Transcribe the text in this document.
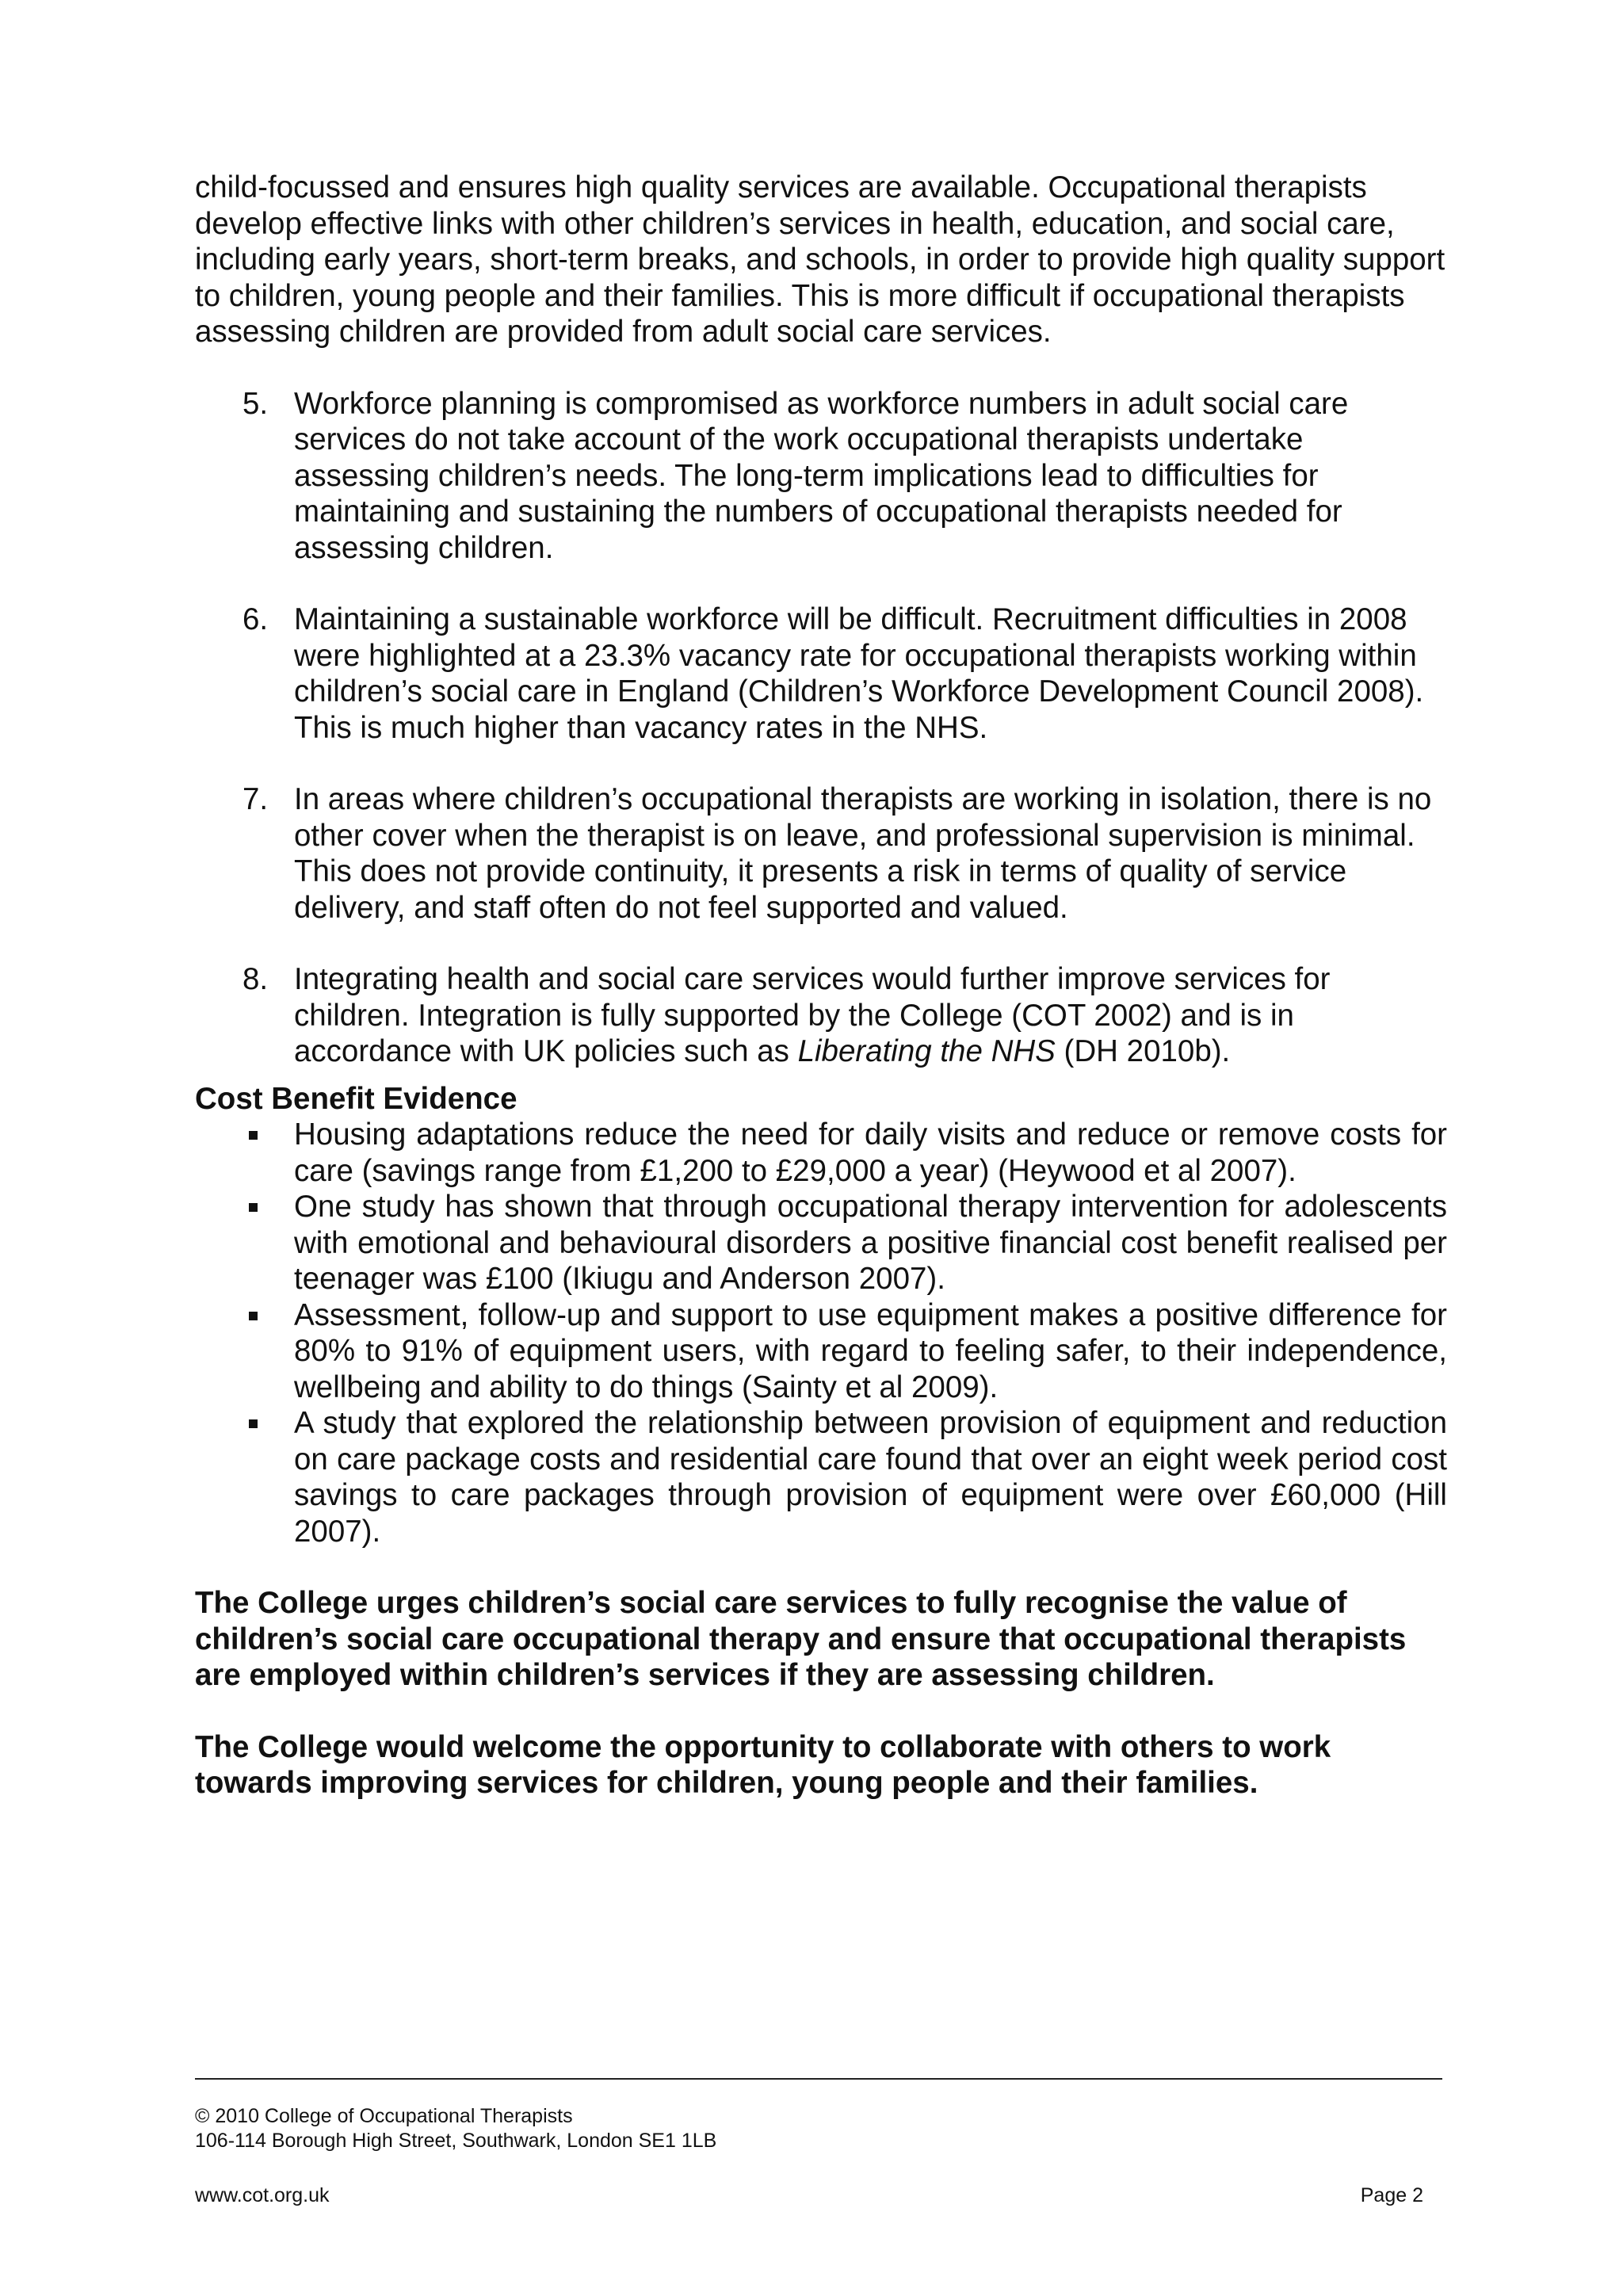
child-focussed and ensures high quality services are available. Occupational therapists develop effective links with other children’s services in health, education, and social care, including early years, short-term breaks, and schools, in order to provide high quality support to children, young people and their families. This is more difficult if occupational therapists assessing children are provided from adult social care services.

5. Workforce planning is compromised as workforce numbers in adult social care services do not take account of the work occupational therapists undertake assessing children’s needs. The long-term implications lead to difficulties for maintaining and sustaining the numbers of occupational therapists needed for assessing children.
6. Maintaining a sustainable workforce will be difficult. Recruitment difficulties in 2008 were highlighted at a 23.3% vacancy rate for occupational therapists working within children’s social care in England (Children’s Workforce Development Council 2008). This is much higher than vacancy rates in the NHS.
7. In areas where children’s occupational therapists are working in isolation, there is no other cover when the therapist is on leave, and professional supervision is minimal. This does not provide continuity, it presents a risk in terms of quality of service delivery, and staff often do not feel supported and valued.
8. Integrating health and social care services would further improve services for children. Integration is fully supported by the College (COT 2002) and is in accordance with UK policies such as Liberating the NHS (DH 2010b).

Cost Benefit Evidence

Housing adaptations reduce the need for daily visits and reduce or remove costs for care (savings range from £1,200 to £29,000 a year) (Heywood et al 2007).
One study has shown that through occupational therapy intervention for adolescents with emotional and behavioural disorders a positive financial cost benefit realised per teenager was £100 (Ikiugu and Anderson 2007).
Assessment, follow-up and support to use equipment makes a positive difference for 80% to 91% of equipment users, with regard to feeling safer, to their independence, wellbeing and ability to do things (Sainty et al 2009).
A study that explored the relationship between provision of equipment and reduction on care package costs and residential care found that over an eight week period cost savings to care packages through provision of equipment were over £60,000 (Hill 2007).

The College urges children’s social care services to fully recognise the value of children’s social care occupational therapy and ensure that occupational therapists are employed within children’s services if they are assessing children.

The College would welcome the opportunity to collaborate with others to work towards improving services for children, young people and their families.

© 2010 College of Occupational Therapists
106-114 Borough High Street, Southwark, London SE1 1LB
www.cot.org.uk	Page 2
